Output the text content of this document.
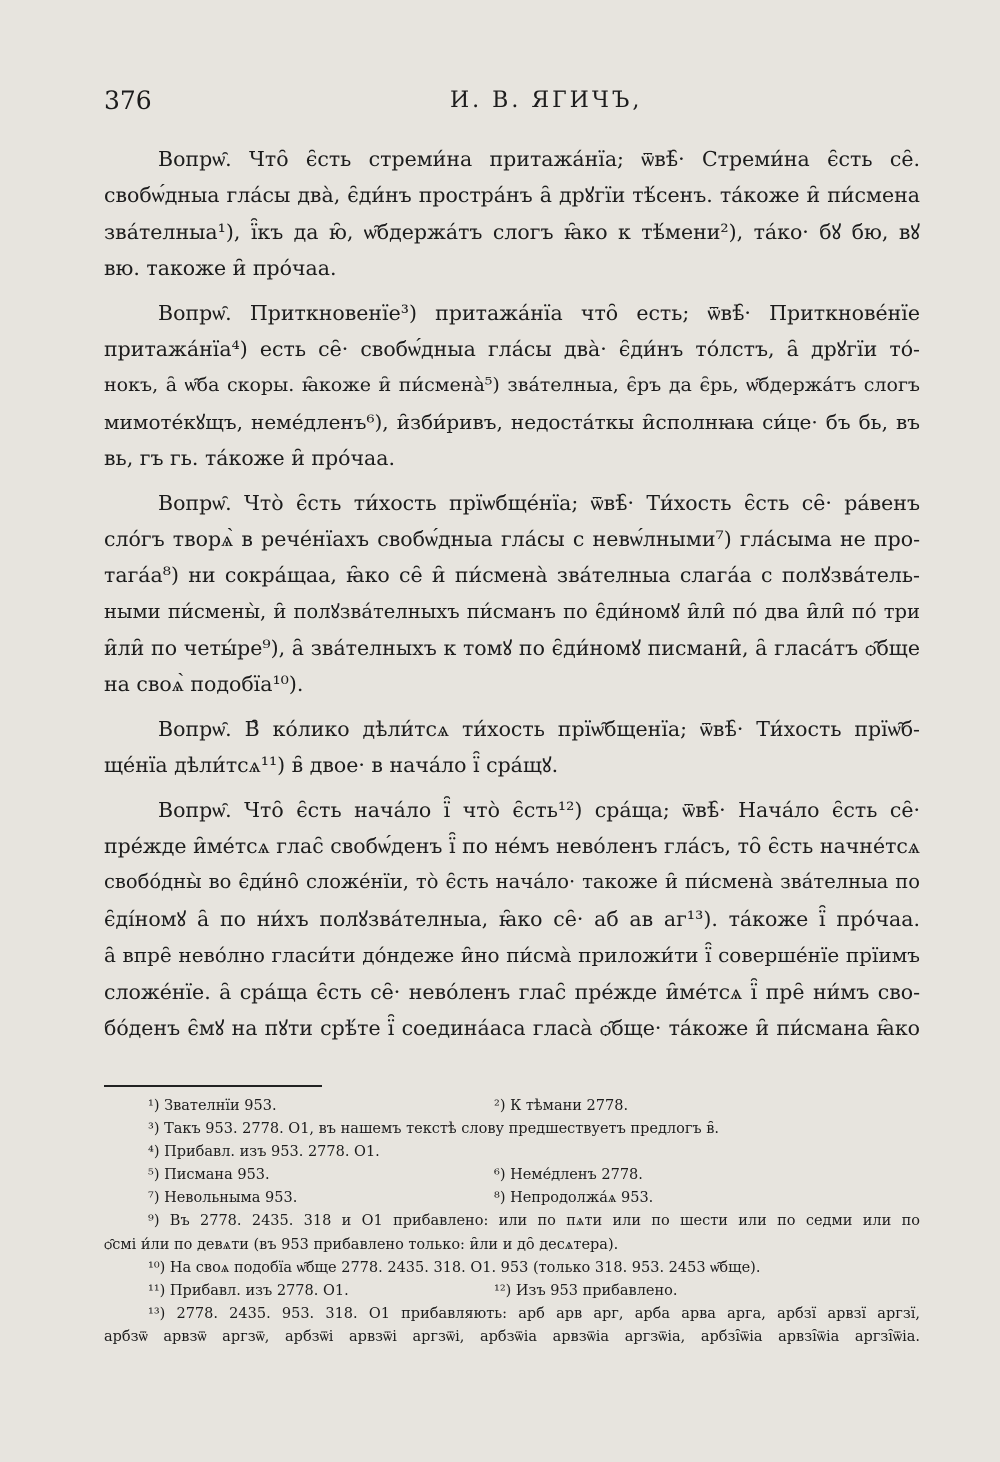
376	И. В. ЯГИЧЪ,
Вопрѡ̑. Что̑ є̑сть стреми́на притажа́нїа; ѿвѣ̑· Стреми́на є̑сть се̑.
свобѡ́дныа гла́сы два̀, є̑ди́нъ простра́нъ а̑ дрꙋгїи тѣ́сенъ. та́коже и̑ пи́смена
зва́телныа¹), ї̑къ да ю̑, ѡ̑бдержа́тъ слогъ ꙗ̑ко к тѣ́мени²), та́ко· бꙋ бю, вꙋ
вю. такоже и̑ про́чаа.
Вопрѡ̑. Приткновенїе³) притажа́нїа что̑ есть; ѿвѣ̑· Приткнове́нїе
притажа́нїа⁴) есть се̑· свобѡ́дныа гла́сы два̀· є̑ди́нъ то́лстъ, а̑ дрꙋгїи то́-
нокъ, а̑ ѡ̑ба скоры. ꙗ̑коже и̑ пи́смена̀⁵) зва́телныа, є̑ръ да є̑рь, ѡ̑бдержа́тъ слогъ
мимоте́кꙋщъ, неме́дленъ⁶), и̑зби́ривъ, недоста́ткы и̑сполнꙗꙗ си́це· бъ бь, въ
вь, гъ гь. та́коже и̑ про́чаа.
Вопрѡ̑. Что̀ є̑сть ти́хость прїѡбще́нїа; ѿвѣ̑· Ти́хость є̑сть се̑· ра́венъ
сло́гъ творѧ̀ в рече́нїахъ свобѡ́дныа гла́сы с невѡ́лными⁷) гла́сыма не про-
тага́а⁸) ни сокра́щаа, ꙗ̑ко се̑ и̑ пи́смена̀ зва́телныа слага́а с полꙋзва́тель-
ными пи́смены̀, и̑ полꙋзва́телныхъ пи́сманъ по є̑ди́номꙋ и̑ли̑ по́ два и̑ли̑ по́ три
и̑ли̑ по четы́ре⁹), а̑ зва́телныхъ к томꙋ по є̑ди́номꙋ писмани̑, а̑ гласа́тъ ѻ̑бще
на своѧ̀ подобїа¹⁰).
Вопрѡ̑. В̑ ко́лико дѣли́тсѧ ти́хость прїѡ̑бщенїа; ѿвѣ̑· Ти́хость прїѡ̑б-
ще́нїа дѣли́тсѧ¹¹) в̑ двое· в нача́ло ї̑ сра́щꙋ.
Вопрѡ̑. Что̑ є̑сть нача́ло ї̑ что̀ є̑сть¹²) сра́ща; ѿвѣ̑· Нача́ло є̑сть се̑·
пре́жде и̑ме́тсѧ глас̑ свобѡ́денъ ї̑ по не́мъ нево́ленъ гла́съ, то̑ є̑сть начне́тсѧ
свобо́дны̀ во є̑ди́но̑ сложе́нїи, то̀ є̑сть нача́ло· такоже и̑ пи́смена̀ зва́телныа по
є̑ді́номꙋ а̑ по ни́хъ полꙋзва́телныа, ꙗ̑ко се̑· аб ав аг¹³). та́коже ї̑ про́чаа.
а̑ впре̑ нево́лно гласи́ти до́ндеже и̑но пи́сма̀ приложи́ти ї̑ соверше́нїе прїимъ
сложе́нїе. а̑ сра́ща є̑сть се̑· нево́ленъ глас̑ пре́жде и̑ме́тсѧ ї̑ пре̑ ни́мъ сво-
бо́денъ є̑мꙋ на пꙋти срѣ́те ї̑ соедина́аса гласа̀ ѻ̑бще· та́коже и̑ пи́смана ꙗ̑ко
¹) Звателнїи 953.	²) К тѣмани 2778.
³) Такъ 953. 2778. О1, въ нашемъ текстѣ слову предшествуетъ предлогъ в̑.
⁴) Прибавл. изъ 953. 2778. О1.
⁵) Писмана 953.	⁶) Неме́дленъ 2778.
⁷) Невольныма 953.	⁸) Непродолжа́ѧ 953.
⁹) Въ 2778. 2435. 318 и О1 прибавлено: или по пѧти или по шести или по седми или по
ѻ̑смі и́ли по девѧти (въ 953 прибавлено только: и̑ли и до̑ десѧтера).
¹⁰) На своѧ подобїа ѡ̑бще 2778. 2435. 318. О1. 953 (только 318. 953. 2453 ѡ̑бще).
¹¹) Прибавл. изъ 2778. О1.	¹²) Изъ 953 прибавлено.
¹³) 2778. 2435. 953. 318. О1 прибавляють: арб арв арг, арба арва арга, арбзї арвзї аргзї,
арбзѿ арвзѿ аргзѿ, арбзѿі арвзѿі аргзѿі, арбзѿіа арвзѿіа аргзѿіа, арбзі̑ѿіа арвзі̑ѿіа аргзі̑ѿіа.
